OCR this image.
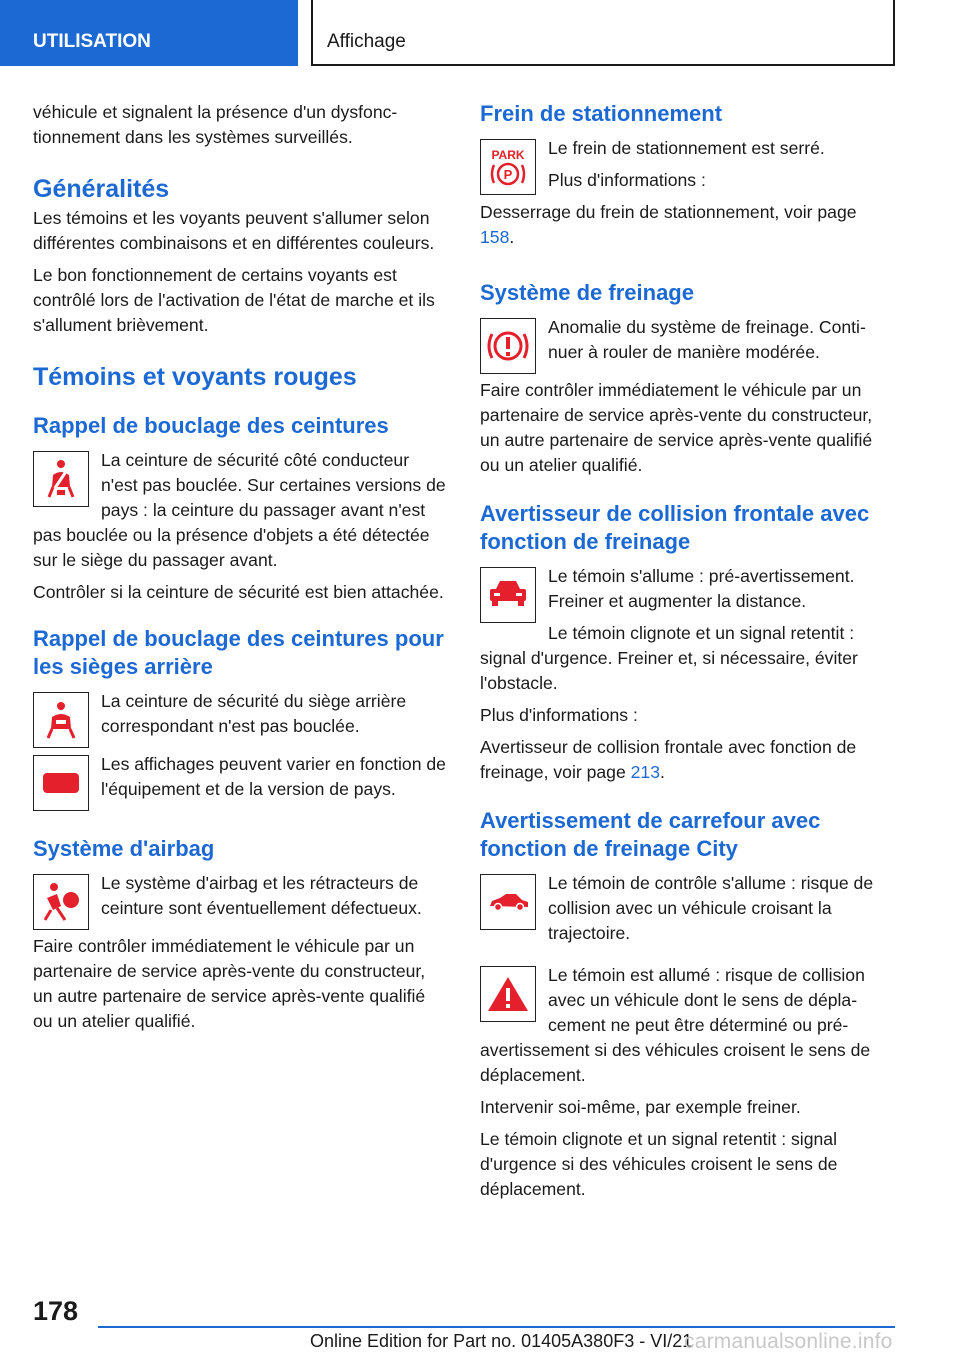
UTILISATION	Affichage

véhicule et signalent la présence d'un dysfonctionnement dans les systèmes surveillés.

Généralités

Les témoins et les voyants peuvent s'allumer selon différentes combinaisons et en différentes couleurs.

Le bon fonctionnement de certains voyants est contrôlé lors de l'activation de l'état de marche et ils s'allument brièvement.

Témoins et voyants rouges
Rappel de bouclage des ceintures

La ceinture de sécurité côté conducteur n'est pas bouclée. Sur certaines versions de pays : la ceinture du passager avant n'est pas bouclée ou la présence d'objets a été détectée sur le siège du passager avant.

Contrôler si la ceinture de sécurité est bien attachée.

Rappel de bouclage des ceintures pour les sièges arrière

La ceinture de sécurité du siège arrière correspondant n'est pas bouclée.

Les affichages peuvent varier en fonction de l'équipement et de la version de pays.

Système d'airbag

Le système d'airbag et les rétracteurs de ceinture sont éventuellement défectueux.

Faire contrôler immédiatement le véhicule par un partenaire de service après-vente du constructeur, un autre partenaire de service après-vente qualifié ou un atelier qualifié.

Frein de stationnement
PARK
P

Le frein de stationnement est serré.

Plus d'informations :

Desserrage du frein de stationnement, voir page 158.

Système de freinage

Anomalie du système de freinage. Continuer à rouler de manière modérée.

Faire contrôler immédiatement le véhicule par un partenaire de service après-vente du constructeur, un autre partenaire de service après-vente qualifié ou un atelier qualifié.

Avertisseur de collision frontale avec fonction de freinage

Le témoin s'allume : pré-avertissement. Freiner et augmenter la distance.

Le témoin clignote et un signal retentit : signal d'urgence. Freiner et, si nécessaire, éviter l'obstacle.

Plus d'informations :

Avertisseur de collision frontale avec fonction de freinage, voir page 213.

Avertissement de carrefour avec fonction de freinage City

Le témoin de contrôle s'allume : risque de collision avec un véhicule croisant la trajectoire.

Le témoin est allumé : risque de collision avec un véhicule dont le sens de déplacement ne peut être déterminé ou pré-avertissement si des véhicules croisent le sens de déplacement.

Intervenir soi-même, par exemple freiner.

Le témoin clignote et un signal retentit : signal d'urgence si des véhicules croisent le sens de déplacement.

178
Online Edition for Part no. 01405A380F3 - VI/21
carmanualsonline.info
